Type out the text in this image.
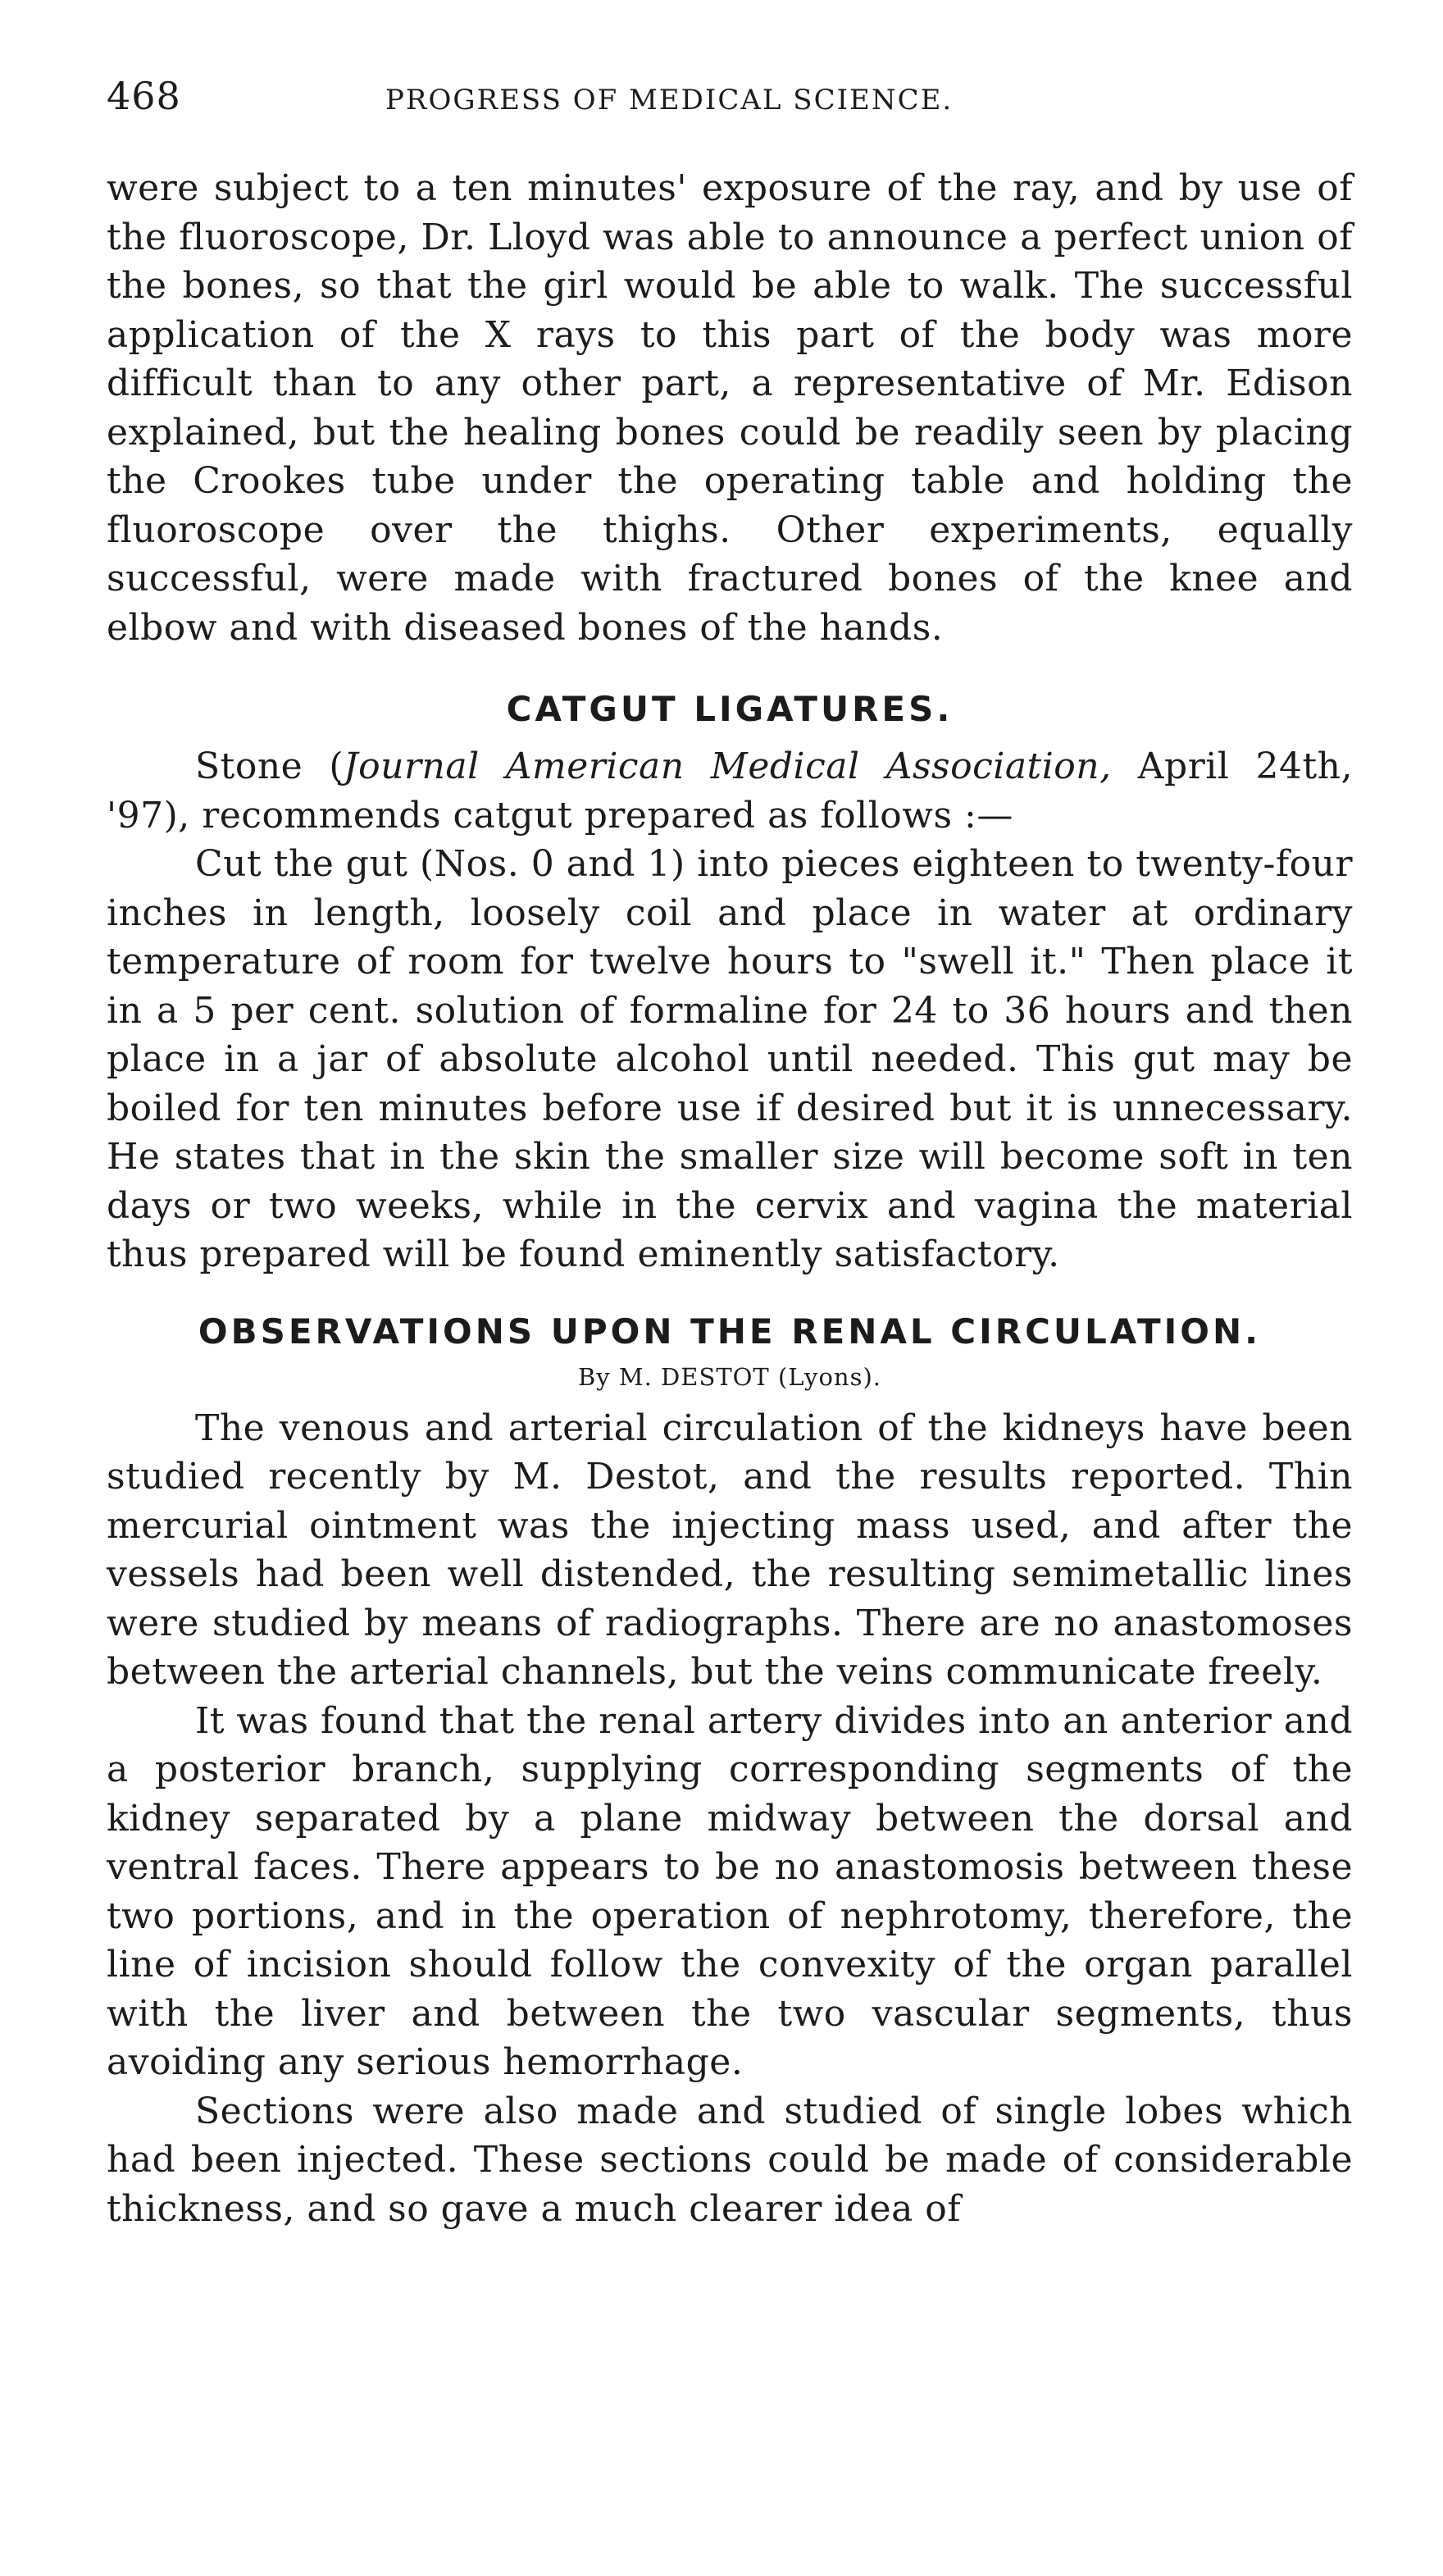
468	PROGRESS OF MEDICAL SCIENCE.

were subject to a ten minutes' exposure of the ray, and by use of the fluoroscope, Dr. Lloyd was able to announce a perfect union of the bones, so that the girl would be able to walk. The successful application of the X rays to this part of the body was more difficult than to any other part, a representative of Mr. Edison explained, but the healing bones could be readily seen by placing the Crookes tube under the operating table and holding the fluoroscope over the thighs. Other experiments, equally successful, were made with fractured bones of the knee and elbow and with diseased bones of the hands.

CATGUT LIGATURES.

Stone (Journal American Medical Association, April 24th, '97), recommends catgut prepared as follows :—

Cut the gut (Nos. 0 and 1) into pieces eighteen to twenty-four inches in length, loosely coil and place in water at ordinary temperature of room for twelve hours to "swell it." Then place it in a 5 per cent. solution of formaline for 24 to 36 hours and then place in a jar of absolute alcohol until needed. This gut may be boiled for ten minutes before use if desired but it is unnecessary. He states that in the skin the smaller size will become soft in ten days or two weeks, while in the cervix and vagina the material thus prepared will be found eminently satisfactory.

OBSERVATIONS UPON THE RENAL CIRCULATION.
By M. DESTOT (Lyons).

The venous and arterial circulation of the kidneys have been studied recently by M. Destot, and the results reported. Thin mercurial ointment was the injecting mass used, and after the vessels had been well distended, the resulting semimetallic lines were studied by means of radiographs. There are no anastomoses between the arterial channels, but the veins communicate freely.

It was found that the renal artery divides into an anterior and a posterior branch, supplying corresponding segments of the kidney separated by a plane midway between the dorsal and ventral faces. There appears to be no anastomosis between these two portions, and in the operation of nephrotomy, therefore, the line of incision should follow the convexity of the organ parallel with the liver and between the two vascular segments, thus avoiding any serious hemorrhage.

Sections were also made and studied of single lobes which had been injected. These sections could be made of considerable thickness, and so gave a much clearer idea of
